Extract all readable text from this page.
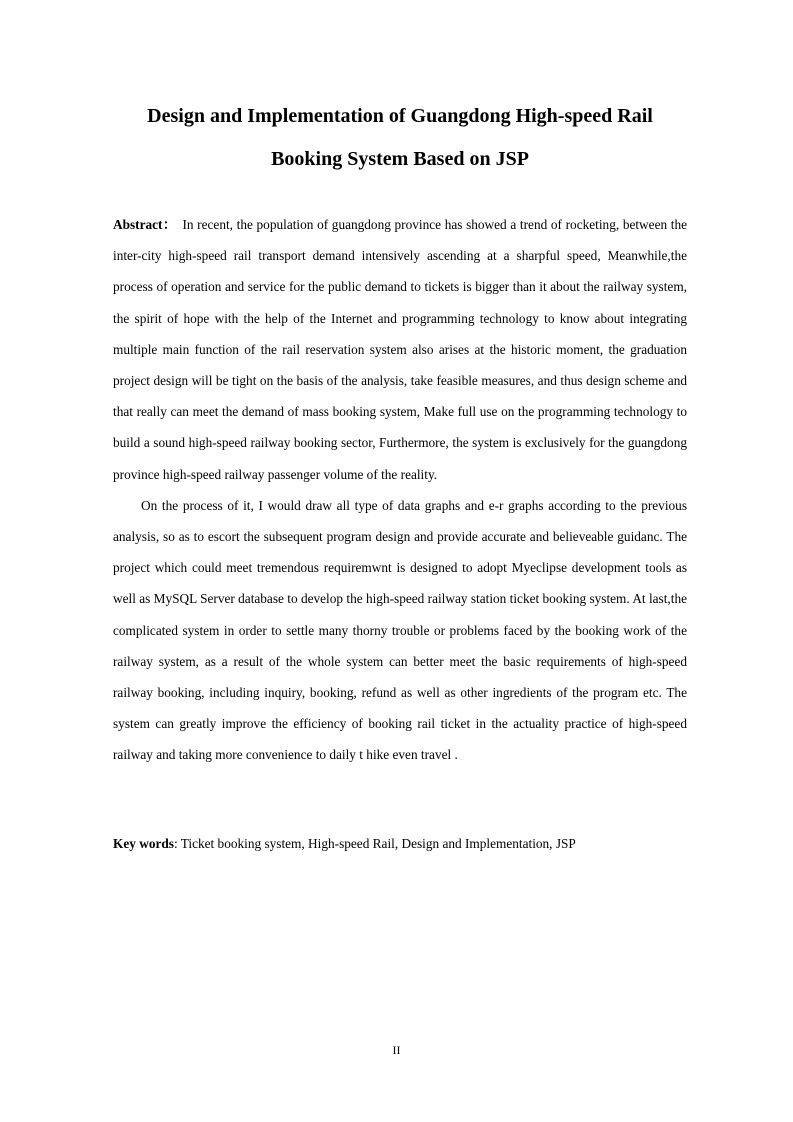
Design and Implementation of Guangdong High-speed Rail
Booking System Based on JSP

Abstract： In recent, the population of guangdong province has showed a trend of rocketing, between the inter-city high-speed rail transport demand intensively ascending at a sharpful speed, Meanwhile,the process of operation and service for the public demand to tickets is bigger than it about the railway system, the spirit of hope with the help of the Internet and programming technology to know about integrating multiple main function of the rail reservation system also arises at the historic moment, the graduation project design will be tight on the basis of the analysis, take feasible measures, and thus design scheme and that really can meet the demand of mass booking system, Make full use on the programming technology to build a sound high-speed railway booking sector, Furthermore, the system is exclusively for the guangdong province high-speed railway passenger volume of the reality.

On the process of it, I would draw all type of data graphs and e-r graphs according to the previous analysis, so as to escort the subsequent program design and provide accurate and believeable guidanc. The project which could meet tremendous requiremwnt is designed to adopt Myeclipse development tools as well as MySQL Server database to develop the high-speed railway station ticket booking system. At last,the complicated system in order to settle many thorny trouble or problems faced by the booking work of the railway system, as a result of the whole system can better meet the basic requirements of high-speed railway booking, including inquiry, booking, refund as well as other ingredients of the program etc. The system can greatly improve the efficiency of booking rail ticket in the actuality practice of high-speed railway and taking more convenience to daily t hike even travel .

Key words: Ticket booking system, High-speed Rail, Design and Implementation, JSP

II
